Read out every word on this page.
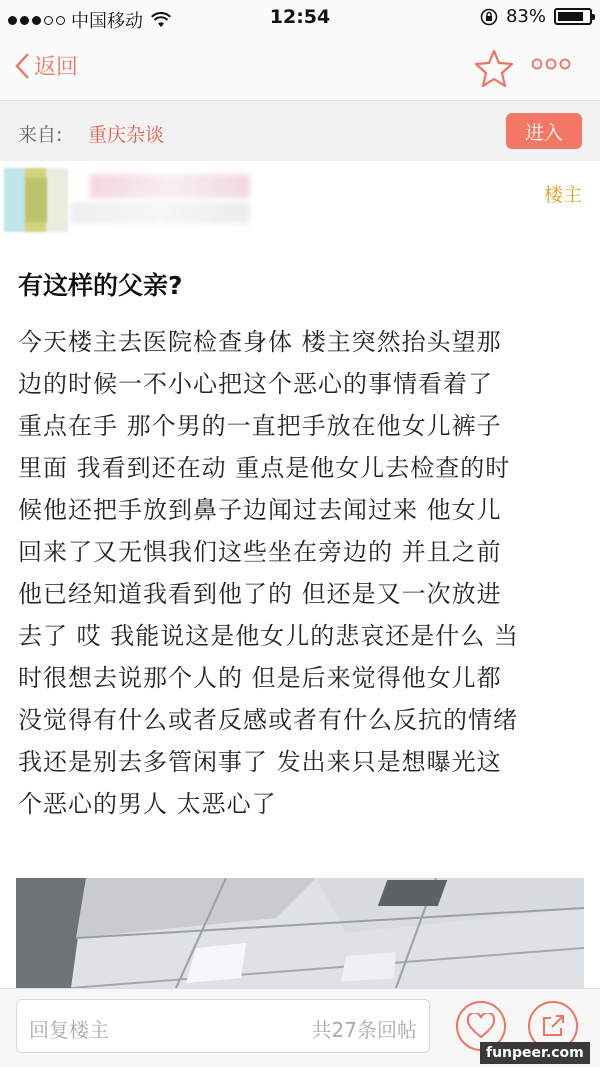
中国移动	12:54	83%
返回
来自: 重庆杂谈	进入
楼主
有这样的父亲?
今天楼主去医院检查身体 楼主突然抬头望那
边的时候一不小心把这个恶心的事情看着了
重点在手 那个男的一直把手放在他女儿裤子
里面 我看到还在动 重点是他女儿去检查的时
候他还把手放到鼻子边闻过去闻过来 他女儿
回来了又无惧我们这些坐在旁边的 并且之前
他已经知道我看到他了的 但还是又一次放进
去了 哎 我能说这是他女儿的悲哀还是什么 当
时很想去说那个人的 但是后来觉得他女儿都
没觉得有什么或者反感或者有什么反抗的情绪
我还是别去多管闲事了 发出来只是想曝光这
个恶心的男人 太恶心了
回复楼主	共27条回帖
funpeer.com
